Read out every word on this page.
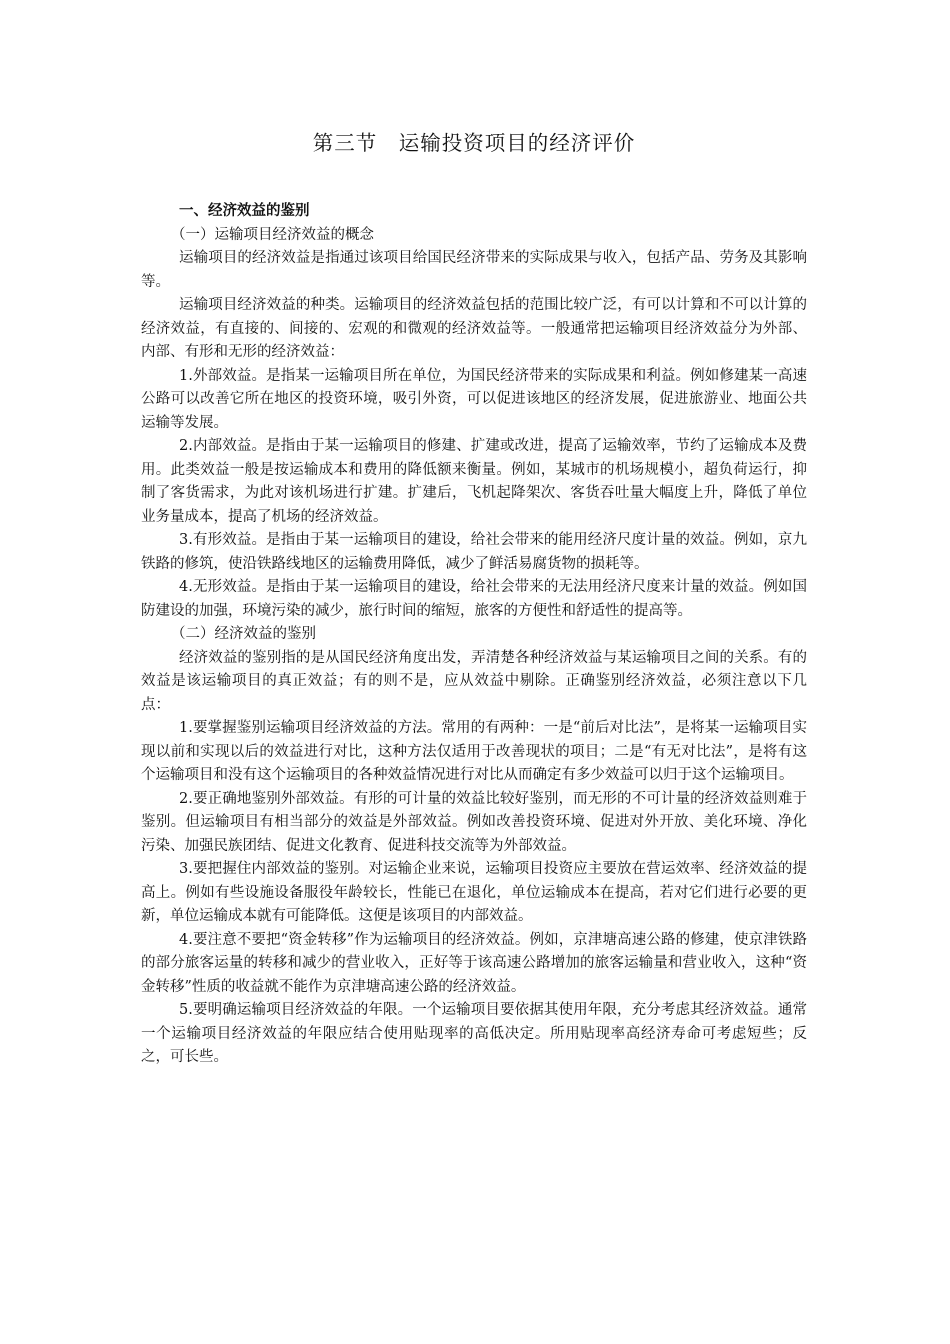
第三节　运输投资项目的经济评价
一、经济效益的鉴别
（一）运输项目经济效益的概念

运输项目的经济效益是指通过该项目给国民经济带来的实际成果与收入，包括产品、劳务及其影响等。

运输项目经济效益的种类。运输项目的经济效益包括的范围比较广泛，有可以计算和不可以计算的经济效益，有直接的、间接的、宏观的和微观的经济效益等。一般通常把运输项目经济效益分为外部、内部、有形和无形的经济效益：

1.外部效益。是指某一运输项目所在单位，为国民经济带来的实际成果和利益。例如修建某一高速公路可以改善它所在地区的投资环境，吸引外资，可以促进该地区的经济发展，促进旅游业、地面公共运输等发展。

2.内部效益。是指由于某一运输项目的修建、扩建或改进，提高了运输效率，节约了运输成本及费用。此类效益一般是按运输成本和费用的降低额来衡量。例如，某城市的机场规模小，超负荷运行，抑制了客货需求，为此对该机场进行扩建。扩建后，飞机起降架次、客货吞吐量大幅度上升，降低了单位业务量成本，提高了机场的经济效益。

3.有形效益。是指由于某一运输项目的建设，给社会带来的能用经济尺度计量的效益。例如，京九铁路的修筑，使沿铁路线地区的运输费用降低，减少了鲜活易腐货物的损耗等。

4.无形效益。是指由于某一运输项目的建设，给社会带来的无法用经济尺度来计量的效益。例如国防建设的加强，环境污染的减少，旅行时间的缩短，旅客的方便性和舒适性的提高等。

（二）经济效益的鉴别

经济效益的鉴别指的是从国民经济角度出发，弄清楚各种经济效益与某运输项目之间的关系。有的效益是该运输项目的真正效益；有的则不是，应从效益中剔除。正确鉴别经济效益，必须注意以下几点：

1.要掌握鉴别运输项目经济效益的方法。常用的有两种：一是“前后对比法”，是将某一运输项目实现以前和实现以后的效益进行对比，这种方法仅适用于改善现状的项目；二是“有无对比法”，是将有这个运输项目和没有这个运输项目的各种效益情况进行对比从而确定有多少效益可以归于这个运输项目。

2.要正确地鉴别外部效益。有形的可计量的效益比较好鉴别，而无形的不可计量的经济效益则难于鉴别。但运输项目有相当部分的效益是外部效益。例如改善投资环境、促进对外开放、美化环境、净化污染、加强民族团结、促进文化教育、促进科技交流等为外部效益。

3.要把握住内部效益的鉴别。对运输企业来说，运输项目投资应主要放在营运效率、经济效益的提高上。例如有些设施设备服役年龄较长，性能已在退化，单位运输成本在提高，若对它们进行必要的更新，单位运输成本就有可能降低。这便是该项目的内部效益。

4.要注意不要把“资金转移”作为运输项目的经济效益。例如，京津塘高速公路的修建，使京津铁路的部分旅客运量的转移和减少的营业收入，正好等于该高速公路增加的旅客运输量和营业收入，这种“资金转移”性质的收益就不能作为京津塘高速公路的经济效益。

5.要明确运输项目经济效益的年限。一个运输项目要依据其使用年限，充分考虑其经济效益。通常一个运输项目经济效益的年限应结合使用贴现率的高低决定。所用贴现率高经济寿命可考虑短些；反之，可长些。
